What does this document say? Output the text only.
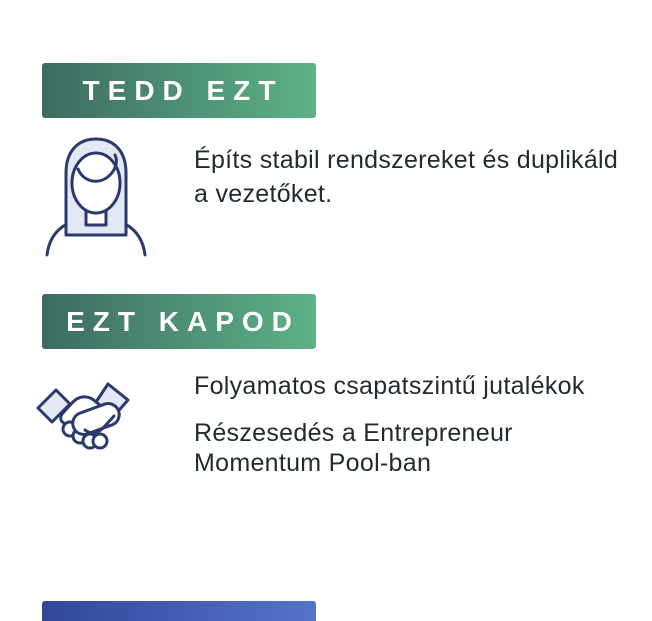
TEDD EZT
Építs stabil rendszereket és duplikáld a vezetőket.
EZT KAPOD

Folyamatos csapatszintű jutalékok

Részesedés a Entrepreneur Momentum Pool-ban
